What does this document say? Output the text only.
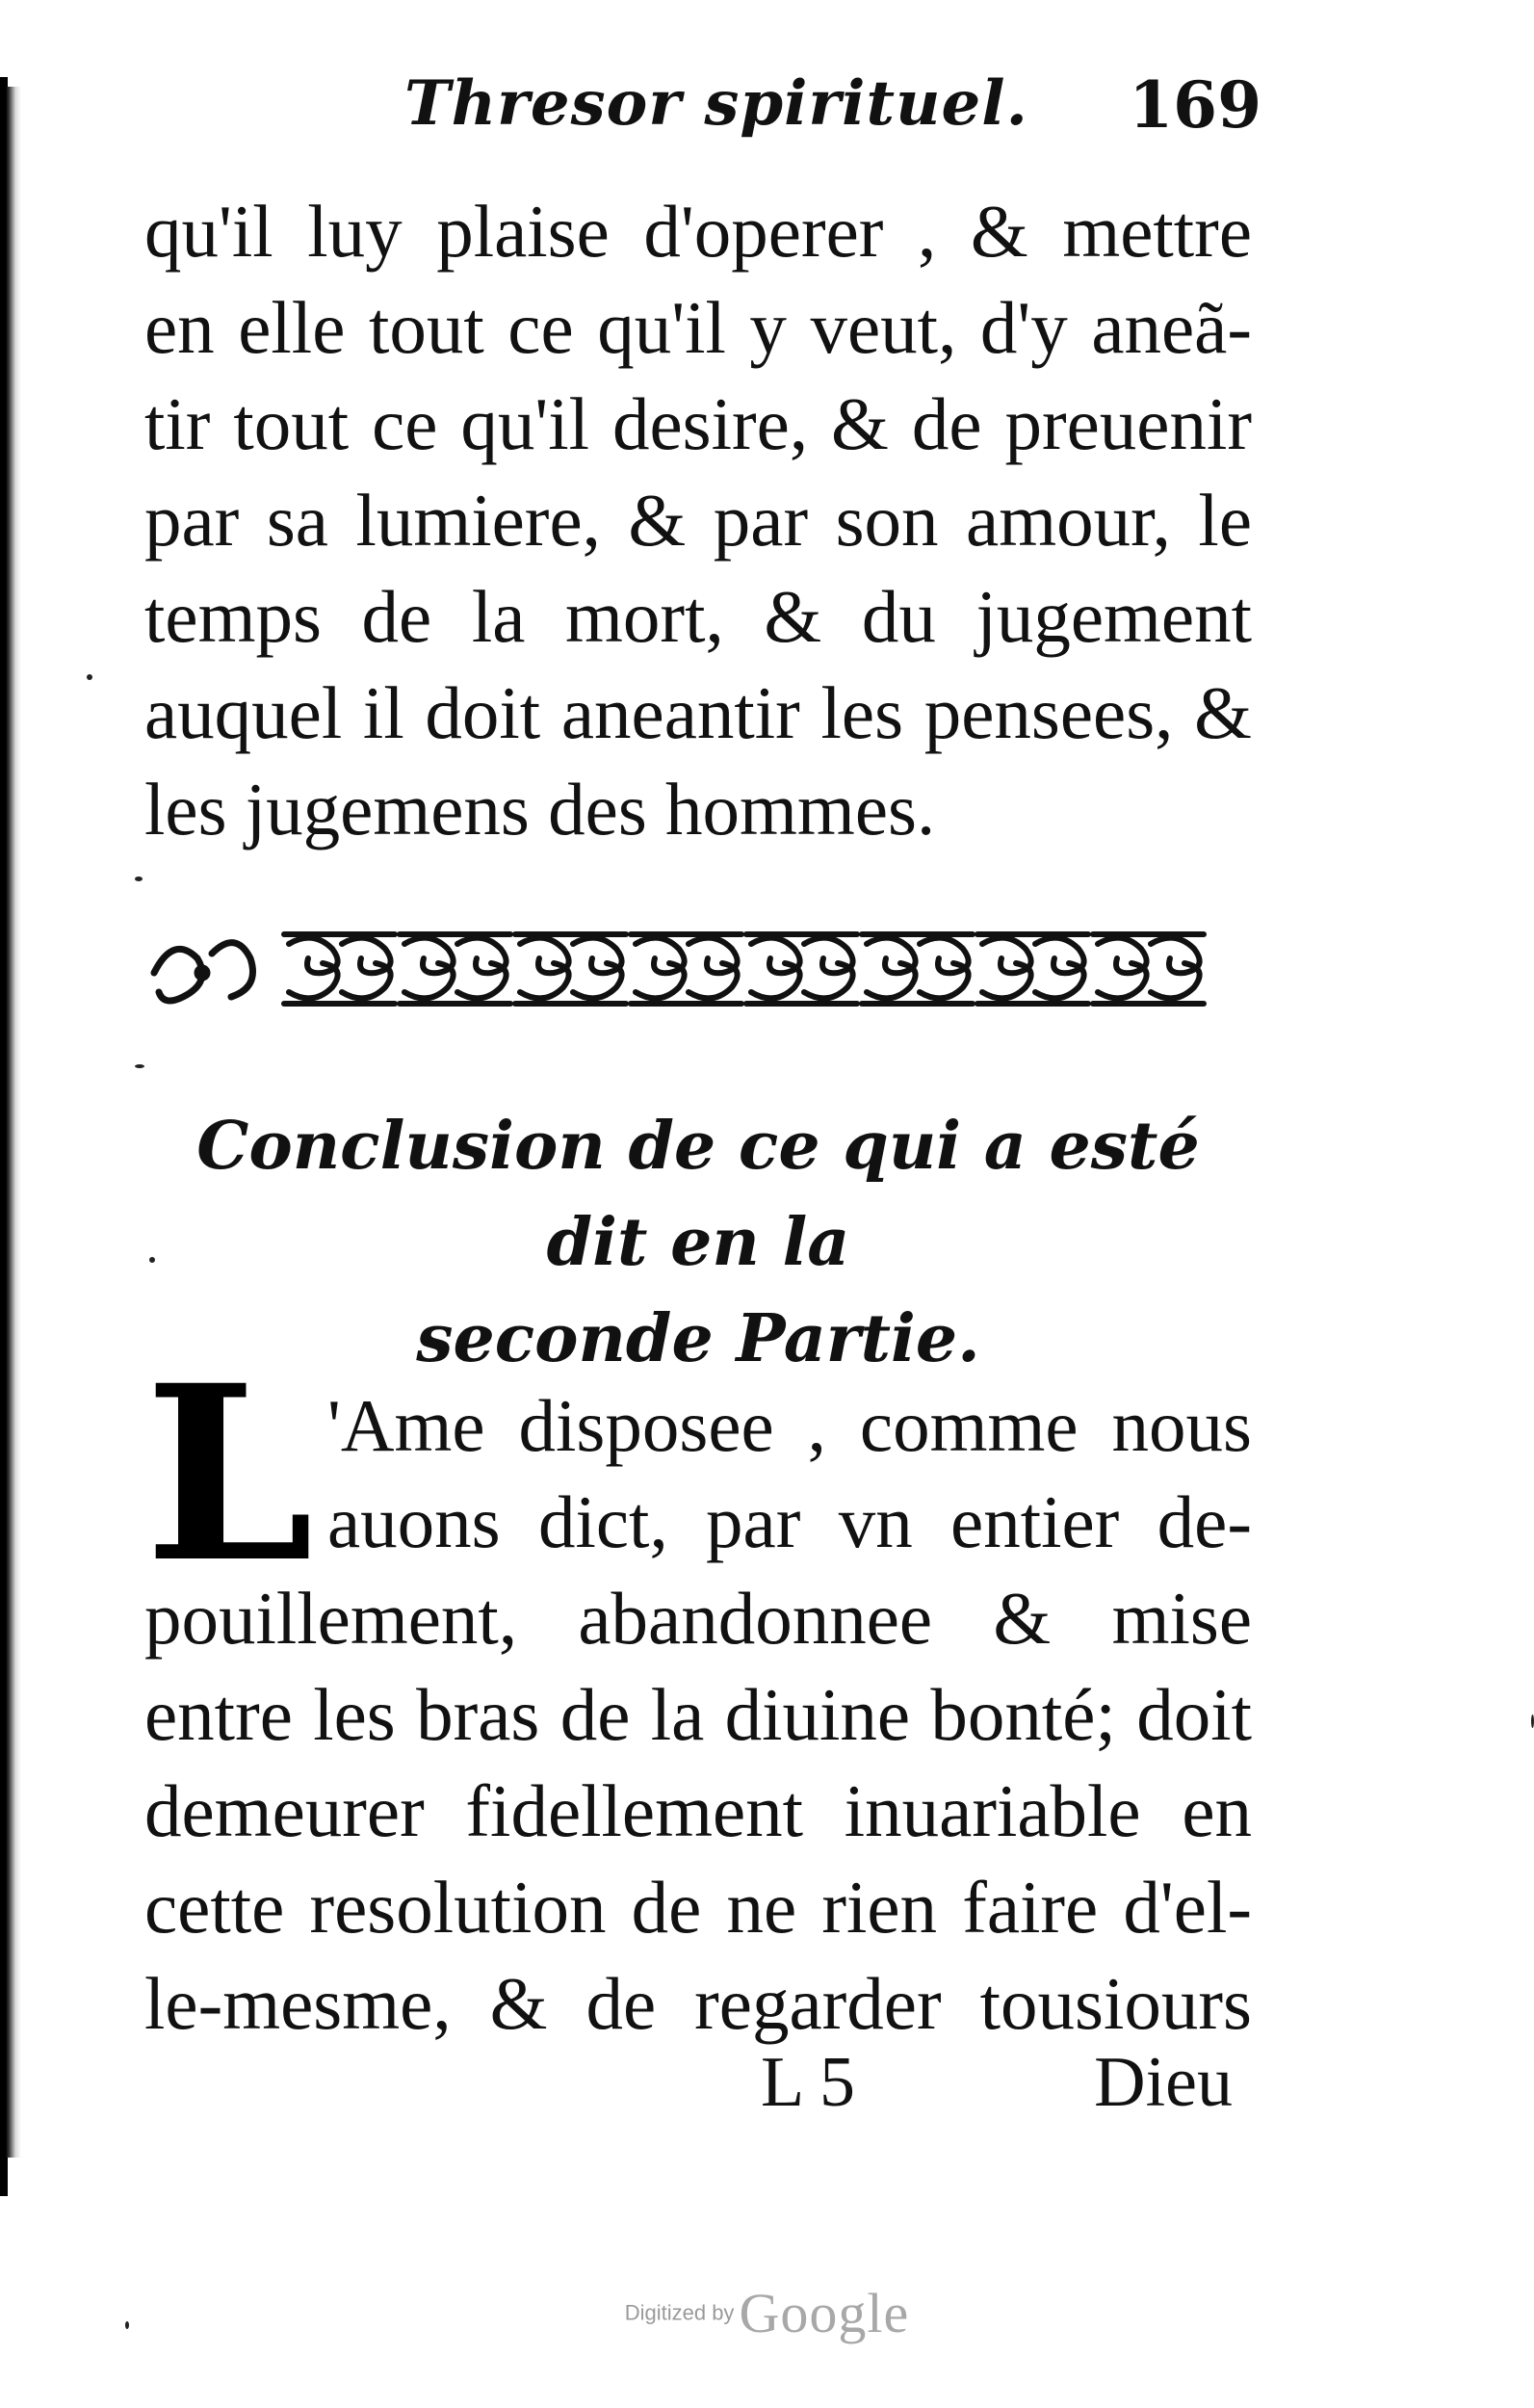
Thresor spirituel. 169
qu'il luy plaise d'operer , & mettre
en elle tout ce qu'il y veut, d'y aneã-
tir tout ce qu'il desire, & de preuenir
par sa lumiere, & par son amour, le
temps de la mort, & du jugement
auquel il doit aneantir les pensees, &
les jugemens des hommes.
Conclusion de ce qui a esté dit en la
seconde Partie.
L 'Ame disposee , comme nous
auons dict, par vn entier de-
pouillement, abandonnee & mise
entre les bras de la diuine bonté; doit
demeurer fidellement inuariable en
cette resolution de ne rien faire d'el-
le-mesme, & de regarder tousiours
L 5	Dieu
Digitized by Google
